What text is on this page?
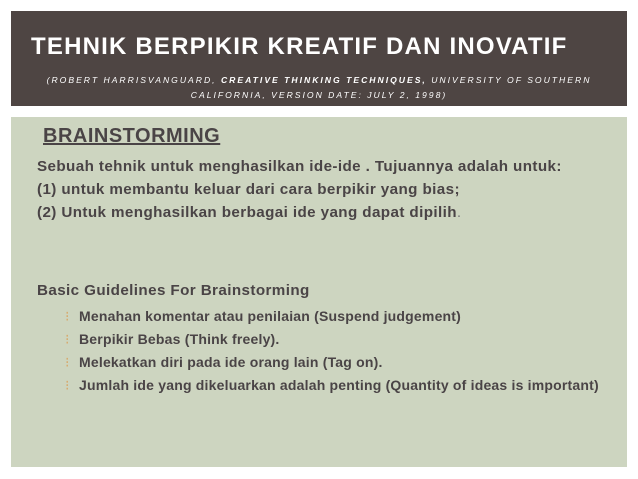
TEHNIK BERPIKIR KREATIF DAN INOVATIF
(ROBERT HARRISVANGUARD, CREATIVE THINKING TECHNIQUES, UNIVERSITY OF SOUTHERN
CALIFORNIA, VERSION DATE: JULY 2, 1998)
BRAINSTORMING

Sebuah tehnik untuk menghasilkan ide-ide . Tujuannya adalah untuk:

(1) untuk membantu keluar dari cara berpikir yang bias;

(2) Untuk menghasilkan berbagai ide yang dapat dipilih.

Basic Guidelines For Brainstorming
⁝ Menahan komentar atau penilaian (Suspend judgement)
⁝ Berpikir Bebas (Think freely).
⁝ Melekatkan diri pada ide orang lain (Tag on).
⁝ Jumlah ide yang dikeluarkan adalah penting (Quantity of ideas is important)
